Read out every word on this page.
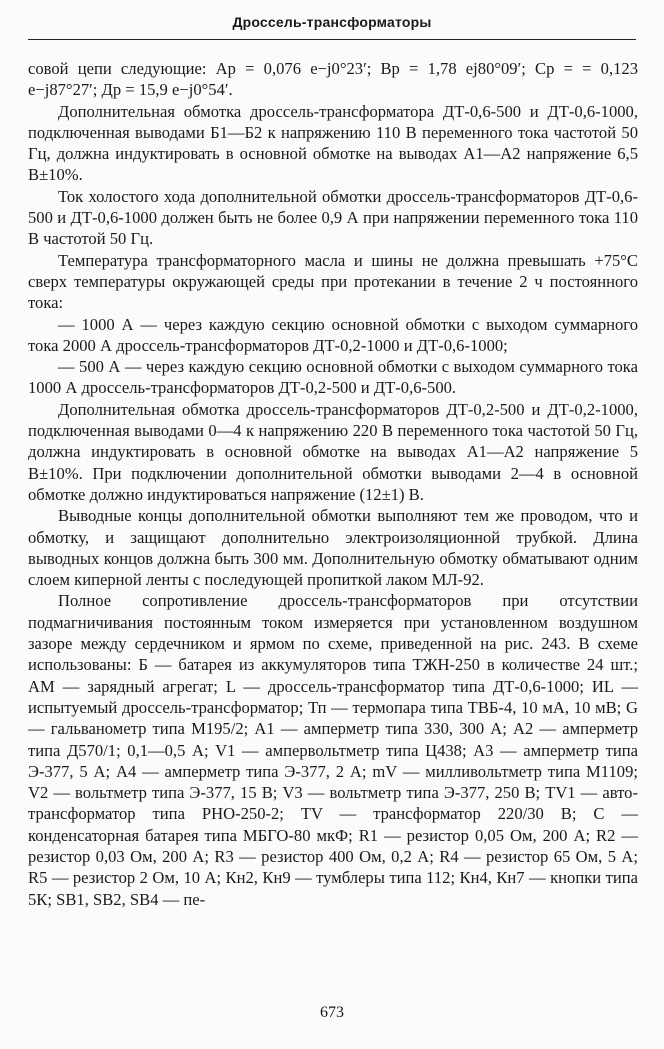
Дроссель-трансформаторы

совой цепи следующие: Aр = 0,076 e−j0°23′; Bр = 1,78 ej80°09′; Cр = = 0,123 e−j87°27′; Др = 15,9 e−j0°54′.

Дополнительная обмотка дроссель-трансформатора ДТ-0,6-500 и ДТ-0,6-1000, подключенная выводами Б1—Б2 к напряжению 110 В переменного тока частотой 50 Гц, должна индуктировать в основной обмотке на выводах А1—А2 напряжение 6,5 В±10%.

Ток холостого хода дополнительной обмотки дроссель-трансформаторов ДТ-0,6-500 и ДТ-0,6-1000 должен быть не более 0,9 А при напряжении переменного тока 110 В частотой 50 Гц.

Температура трансформаторного масла и шины не должна превышать +75°С сверх температуры окружающей среды при протекании в течение 2 ч постоянного тока:

— 1000 А — через каждую секцию основной обмотки с выходом суммарного тока 2000 А дроссель-трансформаторов ДТ-0,2-1000 и ДТ-0,6-1000;

— 500 А — через каждую секцию основной обмотки с выходом суммарного тока 1000 А дроссель-трансформаторов ДТ-0,2-500 и ДТ-0,6-500.

Дополнительная обмотка дроссель-трансформаторов ДТ-0,2-500 и ДТ-0,2-1000, подключенная выводами 0—4 к напряжению 220 В переменного тока частотой 50 Гц, должна индуктировать в основной обмотке на выводах А1—А2 напряжение 5 В±10%. При подключении дополнительной обмотки выводами 2—4 в основной обмотке должно индуктироваться напряжение (12±1) В.

Выводные концы дополнительной обмотки выполняют тем же проводом, что и обмотку, и защищают дополнительно электроизоляционной трубкой. Длина выводных концов должна быть 300 мм. Дополнительную обмотку обматывают одним слоем киперной ленты с последующей пропиткой лаком МЛ-92.

Полное сопротивление дроссель-трансформаторов при отсутствии подмагничивания постоянным током измеряется при установленном воздушном зазоре между сердечником и ярмом по схеме, приведенной на рис. 243. В схеме использованы: Б — батарея из аккумуляторов типа ТЖН-250 в количестве 24 шт.; АМ — зарядный агрегат; L — дроссель-трансформатор типа ДТ-0,6-1000; ИL — испытуемый дроссель-трансформатор; Тп — термопара типа ТВБ-4, 10 мА, 10 мВ; G — гальванометр типа М195/2; А1 — амперметр типа 330, 300 А; А2 — амперметр типа Д570/1; 0,1—0,5 А; V1 — ампервольтметр типа Ц438; А3 — амперметр типа Э-377, 5 А; А4 — амперметр типа Э-377, 2 А; mV — милливольтметр типа М1109; V2 — вольтметр типа Э-377, 15 В; V3 — вольтметр типа Э-377, 250 В; TV1 — автотрансформатор типа РНО-250-2; TV — трансформатор 220/30 В; С — конденсаторная батарея типа МБГО-80 мкФ; R1 — резистор 0,05 Ом, 200 А; R2 — резистор 0,03 Ом, 200 А; R3 — резистор 400 Ом, 0,2 А; R4 — резистор 65 Ом, 5 А; R5 — резистор 2 Ом, 10 А; Кн2, Кн9 — тумблеры типа 112; Кн4, Кн7 — кнопки типа 5К; SB1, SB2, SB4 — пе-

673
